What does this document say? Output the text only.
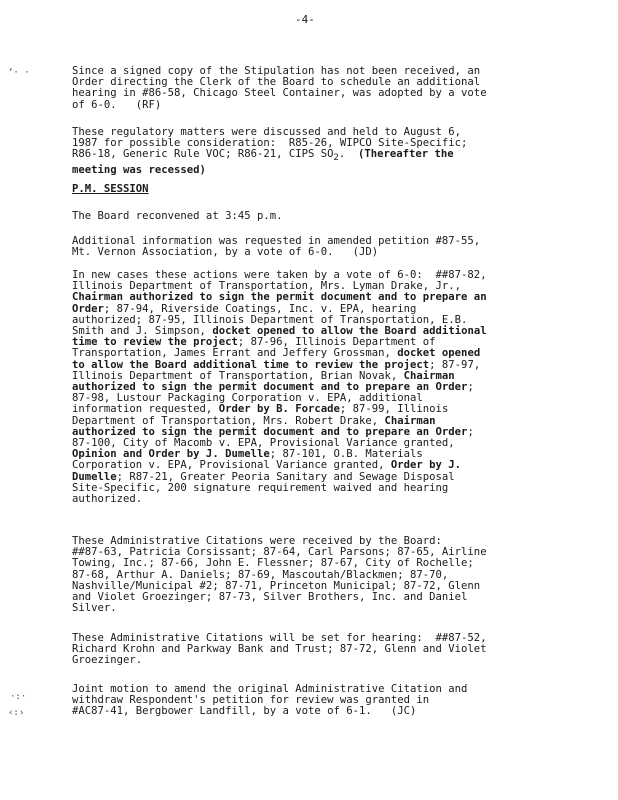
-4-

Since a signed copy of the Stipulation has not been received, an
Order directing the Clerk of the Board to schedule an additional
hearing in #86-58, Chicago Steel Container, was adopted by a vote
of 6-0.   (RF)

These regulatory matters were discussed and held to August 6,
1987 for possible consideration:  R85-26, WIPCO Site-Specific;
R86-18, Generic Rule VOC; R86-21, CIPS $SO_2$.  (Thereafter the
meeting was recessed)

P.M. SESSION

The Board reconvened at 3:45 p.m.

Additional information was requested in amended petition #87-55,
Mt. Vernon Association, by a vote of 6-0.   (JD)

In new cases these actions were taken by a vote of 6-0:  ##87-82,
Illinois Department of Transportation, Mrs. Lyman Drake, Jr.,
Chairman authorized to sign the permit document and to prepare an
Order; 87-94, Riverside Coatings, Inc. v. EPA, hearing
authorized; 87-95, Illinois Department of Transportation, E.B.
Smith and J. Simpson, docket opened to allow the Board additional
time to review the project; 87-96, Illinois Department of
Transportation, James Errant and Jeffery Grossman, docket opened
to allow the Board additional time to review the project; 87-97,
Illinois Department of Transportation, Brian Novak, Chairman
authorized to sign the permit document and to prepare an Order;
87-98, Lustour Packaging Corporation v. EPA, additional
information requested, Order by B. Forcade; 87-99, Illinois
Department of Transportation, Mrs. Robert Drake, Chairman
authorized to sign the permit document and to prepare an Order;
87-100, City of Macomb v. EPA, Provisional Variance granted,
Opinion and Order by J. Dumelle; 87-101, O.B. Materials
Corporation v. EPA, Provisional Variance granted, Order by J.
Dumelle; R87-21, Greater Peoria Sanitary and Sewage Disposal
Site-Specific, 200 signature requirement waived and hearing
authorized.

These Administrative Citations were received by the Board:
##87-63, Patricia Corsissant; 87-64, Carl Parsons; 87-65, Airline
Towing, Inc.; 87-66, John E. Flessner; 87-67, City of Rochelle;
87-68, Arthur A. Daniels; 87-69, Mascoutah/Blackmen; 87-70,
Nashville/Municipal #2; 87-71, Princeton Municipal; 87-72, Glenn
and Violet Groezinger; 87-73, Silver Brothers, Inc. and Daniel
Silver.

These Administrative Citations will be set for hearing:  ##87-52,
Richard Krohn and Parkway Bank and Trust; 87-72, Glenn and Violet
Groezinger.

Joint motion to amend the original Administrative Citation and
withdraw Respondent's petition for review was granted in
#AC87-41, Bergbower Landfill, by a vote of 6-1.   (JC)

‘· ·
·:·
‹:›
